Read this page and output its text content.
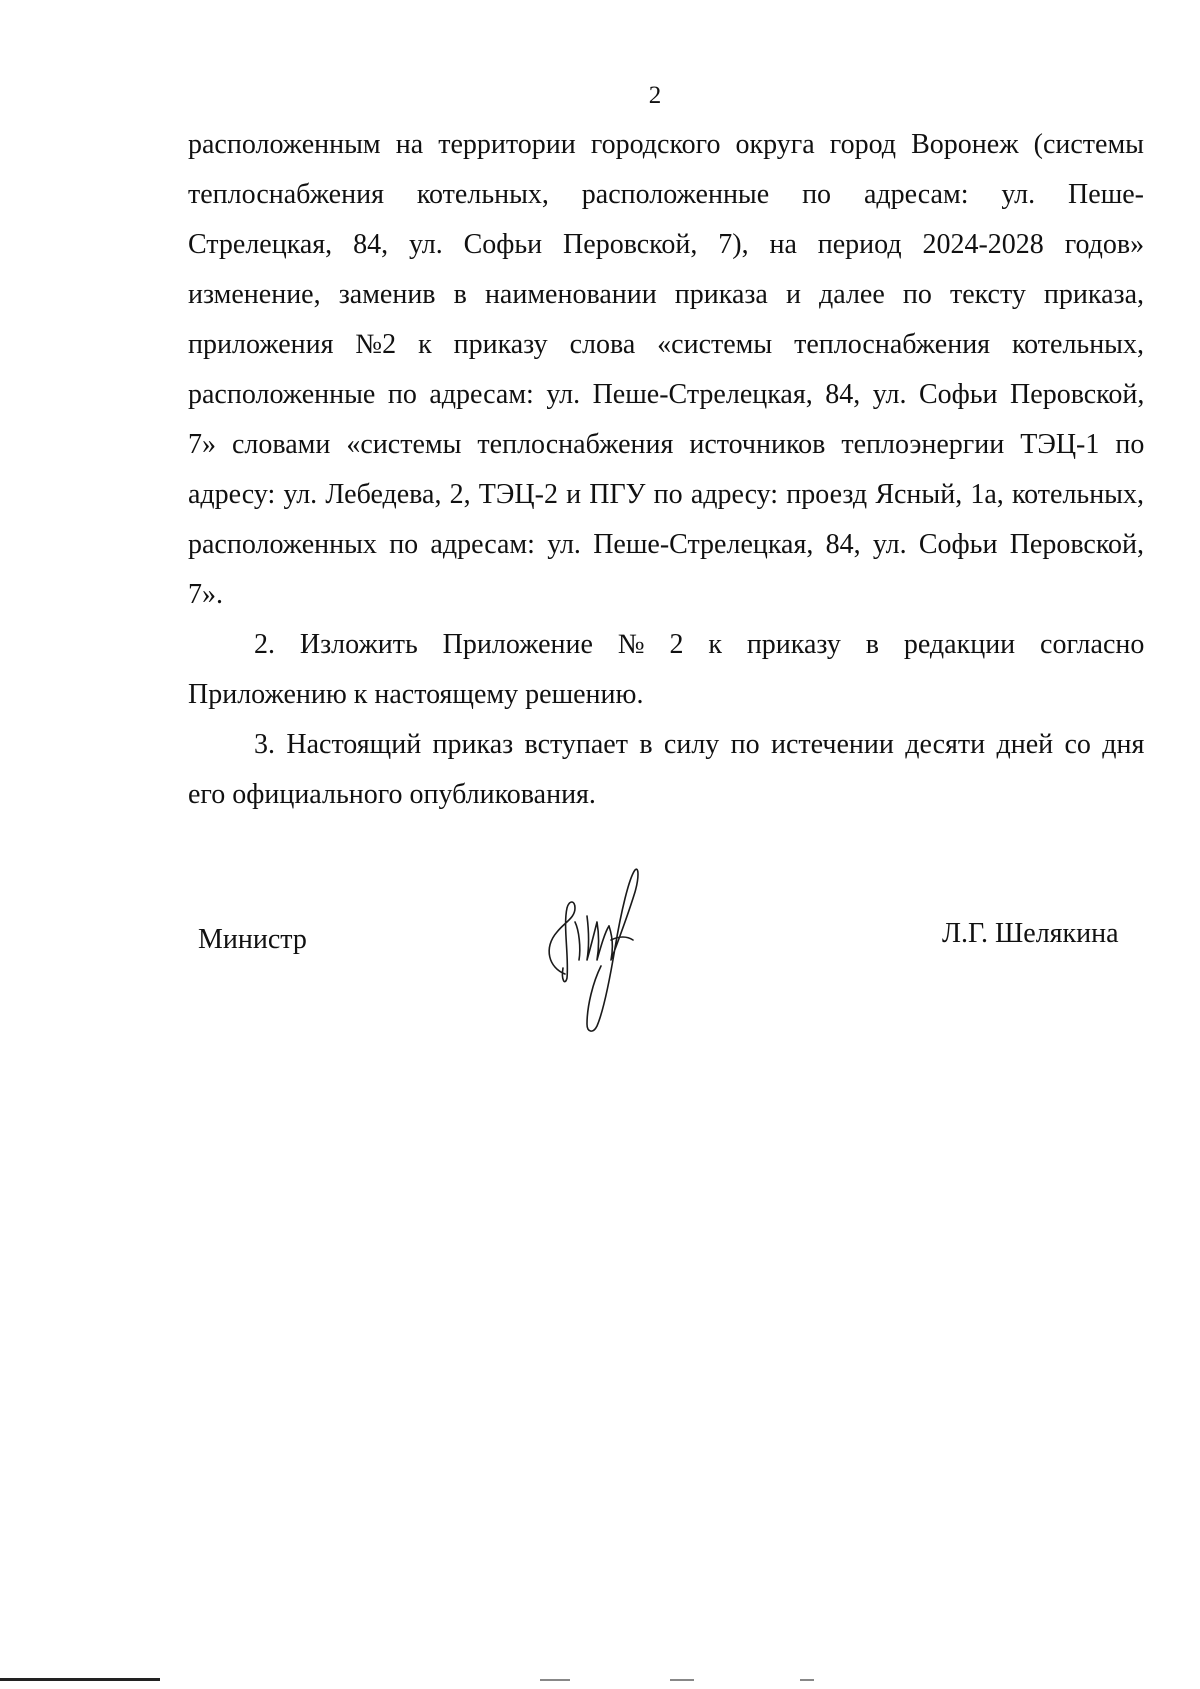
2

расположенным на территории городского округа город Воронеж (системы
теплоснабжения котельных, расположенные по адресам: ул. Пеше-
Стрелецкая, 84, ул. Софьи Перовской, 7), на период 2024-2028 годов»
изменение, заменив в наименовании приказа и далее по тексту приказа,
приложения №2 к приказу слова «системы теплоснабжения котельных,
расположенные по адресам: ул. Пеше-Стрелецкая, 84, ул. Софьи Перовской,
7» словами «системы теплоснабжения источников теплоэнергии ТЭЦ-1 по
адресу: ул. Лебедева, 2, ТЭЦ-2 и ПГУ по адресу: проезд Ясный, 1а, котельных,
расположенных по адресам: ул. Пеше-Стрелецкая, 84, ул. Софьи Перовской,
7».

2. Изложить Приложение № 2 к приказу в редакции согласно
Приложению к настоящему решению.

3. Настоящий приказ вступает в силу по истечении десяти дней со дня
его официального опубликования.

Министр	Л.Г. Шелякина
